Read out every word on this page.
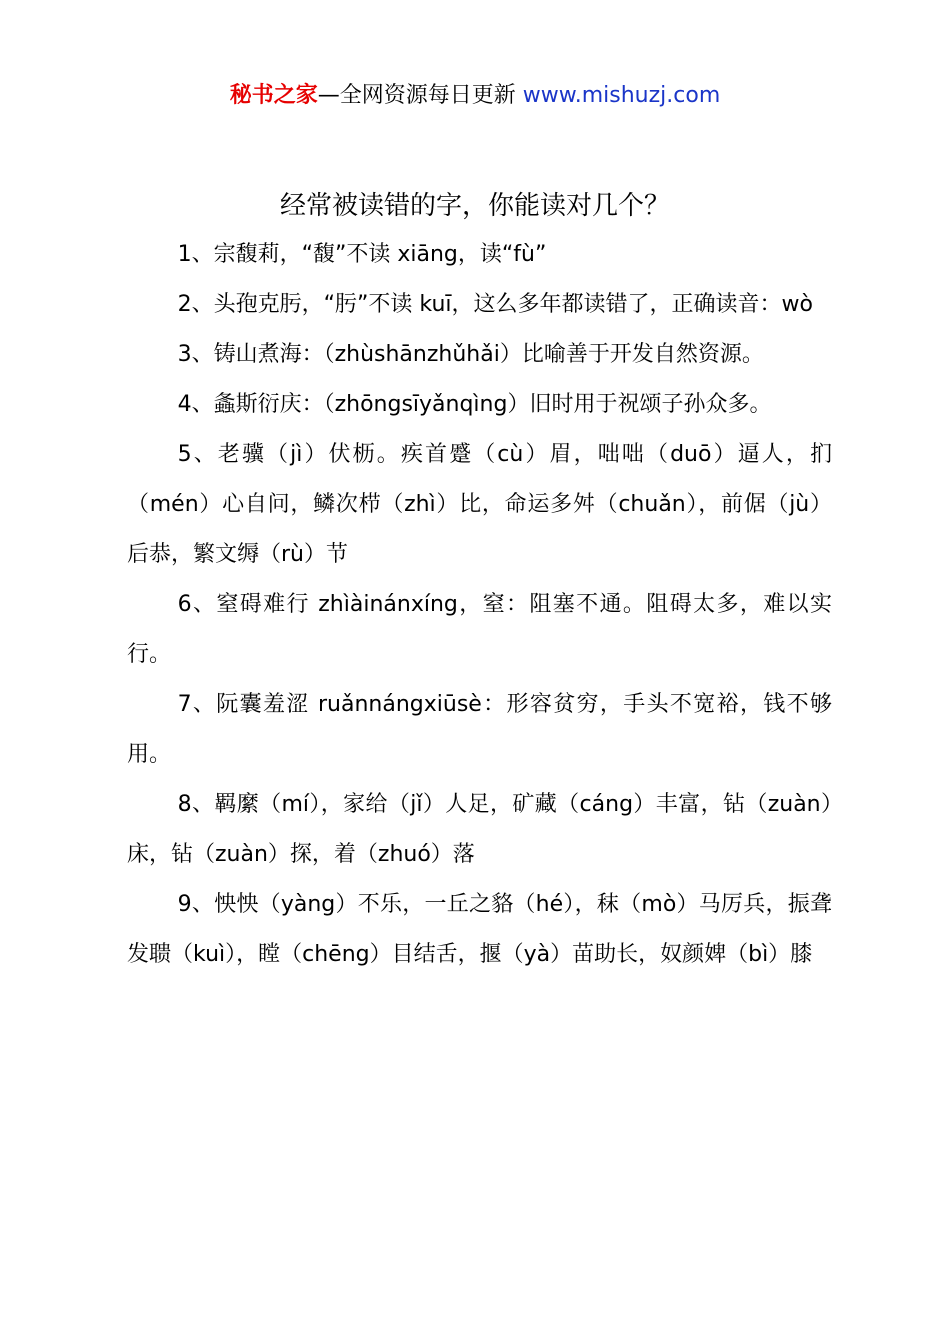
秘书之家—全网资源每日更新 www.mishuzj.com
经常被读错的字，你能读对几个？

1、宗馥莉，“馥”不读 xiāng，读“fù”

2、头孢克肟，“肟”不读 kuī，这么多年都读错了，正确读音：wò

3、铸山煮海：（zhùshānzhǔhǎi）比喻善于开发自然资源。

4、螽斯衍庆：（zhōngsīyǎnqìng）旧时用于祝颂子孙众多。

5、老骥（jì）伏枥。疾首蹙（cù）眉，咄咄（duō）逼人，扪（mén）心自问，鳞次栉（zhì）比，命运多舛（chuǎn），前倨（jù）后恭，繁文缛（rù）节

6、窒碍难行 zhìàinánxíng，窒：阻塞不通。阻碍太多，难以实行。

7、阮囊羞涩 ruǎnnángxiūsè：形容贫穷，手头不宽裕，钱不够用。

8、羁縻（mí），家给（jǐ）人足，矿藏（cáng）丰富，钻（zuàn）床，钻（zuàn）探，着（zhuó）落

9、怏怏（yàng）不乐，一丘之貉（hé），秣（mò）马厉兵，振聋发聩（kuì），瞠（chēng）目结舌，揠（yà）苗助长，奴颜婢（bì）膝
